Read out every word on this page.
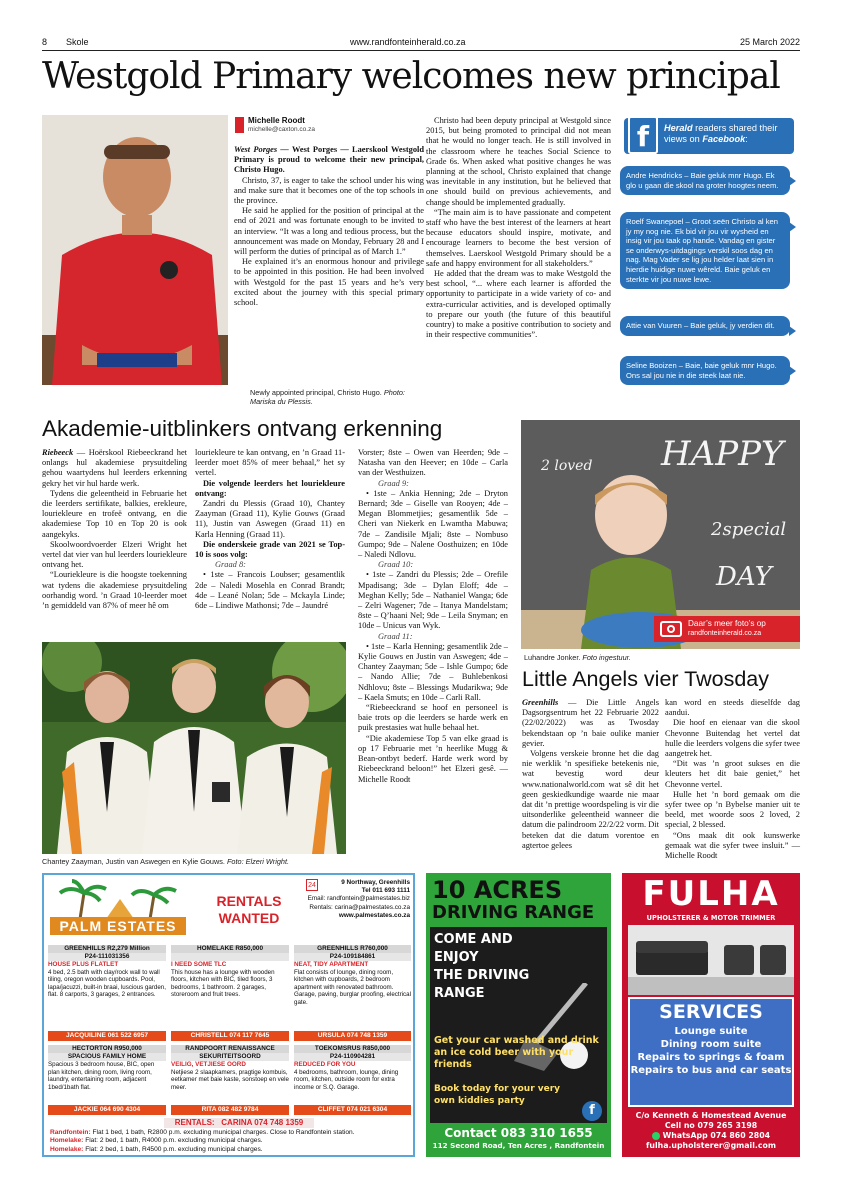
8 Skole	www.randfonteinherald.co.za	25 March 2022
Westgold Primary welcomes new principal
Newly appointed principal, Christo Hugo. Photo: Mariska du Plessis.
Michelle Roodt
michelle@caxton.co.za

West Porges — West Porges — Laerskool Westgold Primary is proud to welcome their new principal, Christo Hugo.

Christo, 37, is eager to take the school under his wing and make sure that it becomes one of the top schools in the province.

He said he applied for the position of principal at the end of 2021 and was fortunate enough to be invited to an interview. “It was a long and tedious process, but the announcement was made on Monday, February 28 and I will perform the duties of principal as of March 1.”

He explained it’s an enormous honour and privilege to be appointed in this position. He had been involved with Westgold for the past 15 years and he’s very excited about the journey with this special primary school.

Christo had been deputy principal at Westgold since 2015, but being promoted to principal did not mean that he would no longer teach. He is still involved in the classroom where he teaches Social Science to Grade 6s. When asked what positive changes he was planning at the school, Christo explained that change was inevitable in any institution, but he believed that one should build on previous achievements, and change should be implemented gradually.

“The main aim is to have passionate and competent staff who have the best interest of the learners at heart because educators should inspire, motivate, and encourage learners to become the best version of themselves. Laerskool Westgold Primary should be a safe and happy environment for all stakeholders.”

He added that the dream was to make Westgold the best school, “... where each learner is afforded the opportunity to participate in a wide variety of co- and extra-curricular activities, and is developed optimally to prepare our youth (the future of this beautiful country) to make a positive contribution to society and in their respective communities”.

f	Herald readers shared their views on Facebook:
Andre Hendricks – Baie geluk mnr Hugo. Ek glo u gaan die skool na groter hoogtes neem.
Roelf Swanepoel – Groot seën Christo al ken jy my nog nie. Ek bid vir jou vir wysheid en insig vir jou taak op hande. Vandag en gister se onderwys-uitdagings verskil soos dag en nag. Mag Vader se lig jou helder laat sien in hierdie huidige nuwe wêreld. Baie geluk en sterkte vir jou nuwe lewe.
Attie van Vuuren – Baie geluk, jy verdien dit.
Seline Booizen – Baie, baie geluk mnr Hugo. Ons sal jou nie in die steek laat nie.
Akademie-uitblinkers ontvang erkenning

Riebeeck — Hoërskool Riebeeckrand het onlangs hul akademiese prysuitdeling gehou waartydens hul leerders erkenning gekry het vir hul harde werk.

Tydens die geleentheid in Februarie het die leerders sertifikate, balkies, erekleure, louriekleure en trofeë ontvang, en die akademiese Top 10 en Top 20 is ook aangekyks.

Skoolwoordvoerder Elzeri Wright het vertel dat vier van hul leerders louriekleure ontvang het.

“Louriekleure is die hoogste toekenning wat tydens die akademiese prysuitdeling oorhandig word. ’n Graad 10-leerder moet ’n gemiddeld van 87% of meer hê om

louriekleure te kan ontvang, en ’n Graad 11-leerder moet 85% of meer behaal,” het sy vertel.

Die volgende leerders het louriekleure ontvang:

Zandri du Plessis (Graad 10), Chantey Zaayman (Graad 11), Kylie Gouws (Graad 11), Justin van Aswegen (Graad 11) en Karla Henning (Graad 11).

Die onderskeie grade van 2021 se Top-10 is soos volg:

Graad 8:

• 1ste – Francois Loubser; gesamentlik 2de – Naledi Mosehla en Conrad Brandt; 4de – Leané Nolan; 5de – Mckayla Linde; 6de – Lindiwe Mathonsi; 7de – Jaundré

Chantey Zaayman, Justin van Aswegen en Kylie Gouws. Foto: Elzeri Wright.

Vorster; 8ste – Owen van Heerden; 9de – Natasha van den Heever; en 10de – Carla van der Westhuizen.

Graad 9:

• 1ste – Ankia Henning; 2de – Dryton Bernard; 3de – Giselle van Rooyen; 4de – Megan Blommetjies; gesamentlik 5de – Cheri van Niekerk en Lwamtha Mabuwa; 7de – Zandisile Mjali; 8ste – Nombuso Gumpo; 9de – Nalene Oosthuizen; en 10de – Naledi Ndlovu.

Graad 10:

• 1ste – Zandri du Plessis; 2de – Orefile Mpadisang; 3de – Dylan Eloff; 4de – Meghan Kelly; 5de – Nathaniel Wanga; 6de – Zelri Wagener; 7de – Itanya Mandelstam; 8ste – Q’haani Nel; 9de – Leila Snyman; en 10de – Unicus van Wyk.

Graad 11:

• 1ste – Karla Henning; gesamentlik 2de – Kylie Gouws en Justin van Aswegen; 4de – Chantey Zaayman; 5de – Ishle Gumpo; 6de – Nando Allie; 7de – Buhlebenkosi Ndhlovu; 8ste – Blessings Mudarikwa; 9de – Kaela Smuts; en 10de – Carli Rall.

“Riebeeckrand se hoof en personeel is baie trots op die leerders se harde werk en puik prestasies wat hulle behaal het.

“Die akademiese Top 5 van elke graad is op 17 Februarie met ’n heerlike Mugg & Bean-ontbyt bederf. Harde werk word by Riebeeckrand beloon!” het Elzeri gesê. — Michelle Roodt

HAPPY
2special
DAY
2 loved
Daar’s meer foto’s op
randfonteinherald.co.za
Luhandre Jonker. Foto ingestuur.
Little Angels vier Twosday

Greenhills — Die Little Angels Dagsorgsentrum het 22 Februarie 2022 (22/02/2022) was as Twosday bekendstaan op ’n baie oulike manier gevier.

Volgens verskeie bronne het die dag nie werklik ’n spesifieke betekenis nie, wat bevestig word deur www.nationalworld.com wat sê dit het geen geskiedkundige waarde nie maar dat dit ’n prettige woordspeling is vir die uitsonderlike geleentheid wanneer die datum die palindroom 22/2/22 vorm. Dit beteken dat die datum vorentoe en agtertoe gelees

kan word en steeds dieselfde dag aandui.

Die hoof en eienaar van die skool Chevonne Buitendag het vertel dat hulle die leerders volgens die syfer twee aangetrek het.

“Dit was ’n groot sukses en die kleuters het dit baie geniet,” het Chevonne vertel.

Hulle het ’n bord gemaak om die syfer twee op ’n Bybelse manier uit te beeld, met woorde soos 2 loved, 2 special, 2 blessed.

“Ons maak dit ook kunswerke gemaak wat die syfer twee insluit.” — Michelle Roodt

PALM ESTATES
RENTALS
WANTED
24	9 Northway, Greenhills
Tel 011 693 1111
Email: randfontein@palmestates.biz
Rentals: carina@palmestates.co.za
www.palmestates.co.za
GREENHILLS R2,279 Million
P24-111031356
HOUSE PLUS FLATLET
4 bed, 2.5 bath with clay/rock wall to wall tiling, oregon wooden cupboards. Pool, lapa/jacuzzi, built-in braai, luscious garden, flat. 8 carports, 3 garages, 2 entrances.
JACQUILINE 061 522 6957
HOMELAKE R850,000
I NEED SOME TLC
This house has a lounge with wooden floors, kitchen with BIC, tiled floors, 3 bedrooms, 1 bathroom. 2 garages, storeroom and fruit trees.
CHRISTELL 074 117 7645
GREENHILLS R760,000
P24-109184861
NEAT, TIDY APARTMENT
Flat consists of lounge, dining room, kitchen with cupboards, 2 bedroom apartment with renovated bathroom. Garage, paving, burglar proofing, electrical gate.
URSULA 074 748 1359
HECTORTON R950,000
SPACIOUS FAMILY HOME
Spacious 3 bedroom house, BIC, open plan kitchen, dining room, living room, laundry, entertaining room, adjacent 1bed/1bath flat.
JACKIE 064 690 4304
RANDPOORT RENAISSANCE
SEKURITEITSOORD
VEILIG, VETJIESE OORD
Netjiese 2 slaapkamers, pragtige kombuis, eetkamer met baie kaste, sonstoep en vele meer.
RITA 082 482 9784
TOEKOMSRUS R850,000
P24-110904281
REDUCED FOR YOU
4 bedrooms, bathroom, lounge, dining room, kitchen, outside room for extra income or S.Q. Garage.
CLIFFET 074 021 6304
RENTALS:   CARINA 074 748 1359
Randfontein: Flat 1 bed, 1 bath, R2800 p.m. excluding municipal charges. Close to Randfontein station.
Homelake: Flat: 2 bed, 1 bath, R4000 p.m. excluding municipal charges.
Homelake: Flat: 2 bed, 1 bath, R4500 p.m. excluding municipal charges.
10 ACRES
DRIVING RANGE
COME AND ENJOY
THE DRIVING
RANGE
Get your car washed and drink an ice cold beer with your friends
Book today for your very own kiddies party
f
Contact 083 310 1655
112 Second Road, Ten Acres , Randfontein
FULHA
UPHOLSTERER & MOTOR TRIMMER
SERVICES
Lounge suite
Dining room suite
Repairs to springs & foam
Repairs to bus and car seats
C/o Kenneth & Homestead Avenue
Cell no 079 265 3198
WhatsApp 074 860 2804
fulha.upholsterer@gmail.com
